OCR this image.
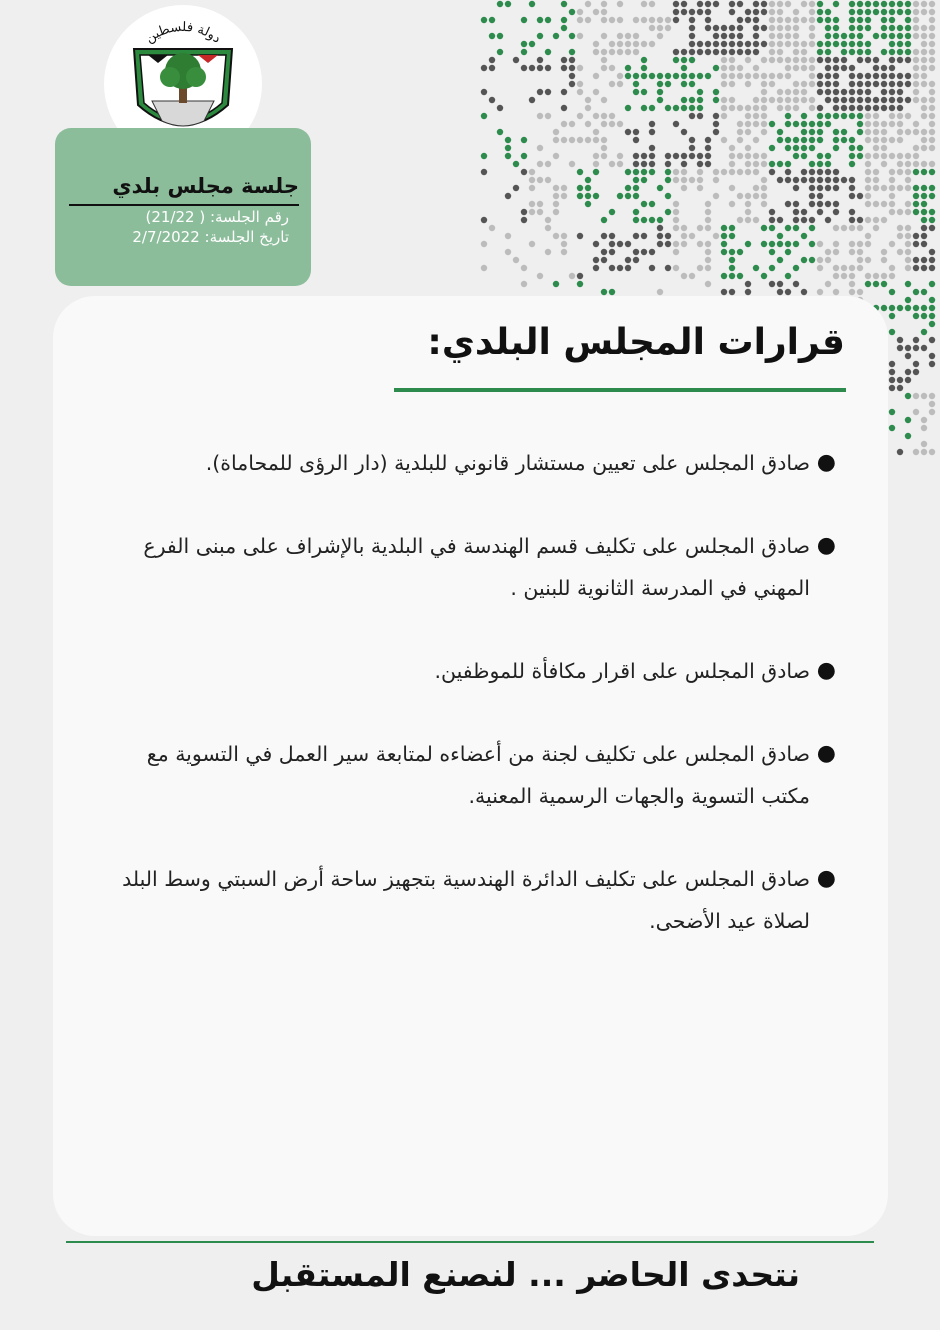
دولة فلسطين
جلسة مجلس بلدي
رقم الجلسة: ( 21/22)
تاريخ الجلسة: 2/7/2022
قرارات المجلس البلدي:
●
صادق المجلس على تعيين مستشار قانوني للبلدية (دار الرؤى للمحاماة).
●
صادق المجلس على تكليف قسم الهندسة في البلدية بالإشراف على مبنى الفرع المهني في المدرسة الثانوية للبنين .
●
صادق المجلس على اقرار مكافأة للموظفين.
●
صادق المجلس على تكليف لجنة من أعضاءه لمتابعة سير العمل في التسوية مع مكتب التسوية والجهات الرسمية المعنية.
●
صادق المجلس على تكليف الدائرة الهندسية بتجهيز ساحة أرض السبتي وسط البلد لصلاة عيد الأضحى.
نتحدى الحاضر ... لنصنع المستقبل
